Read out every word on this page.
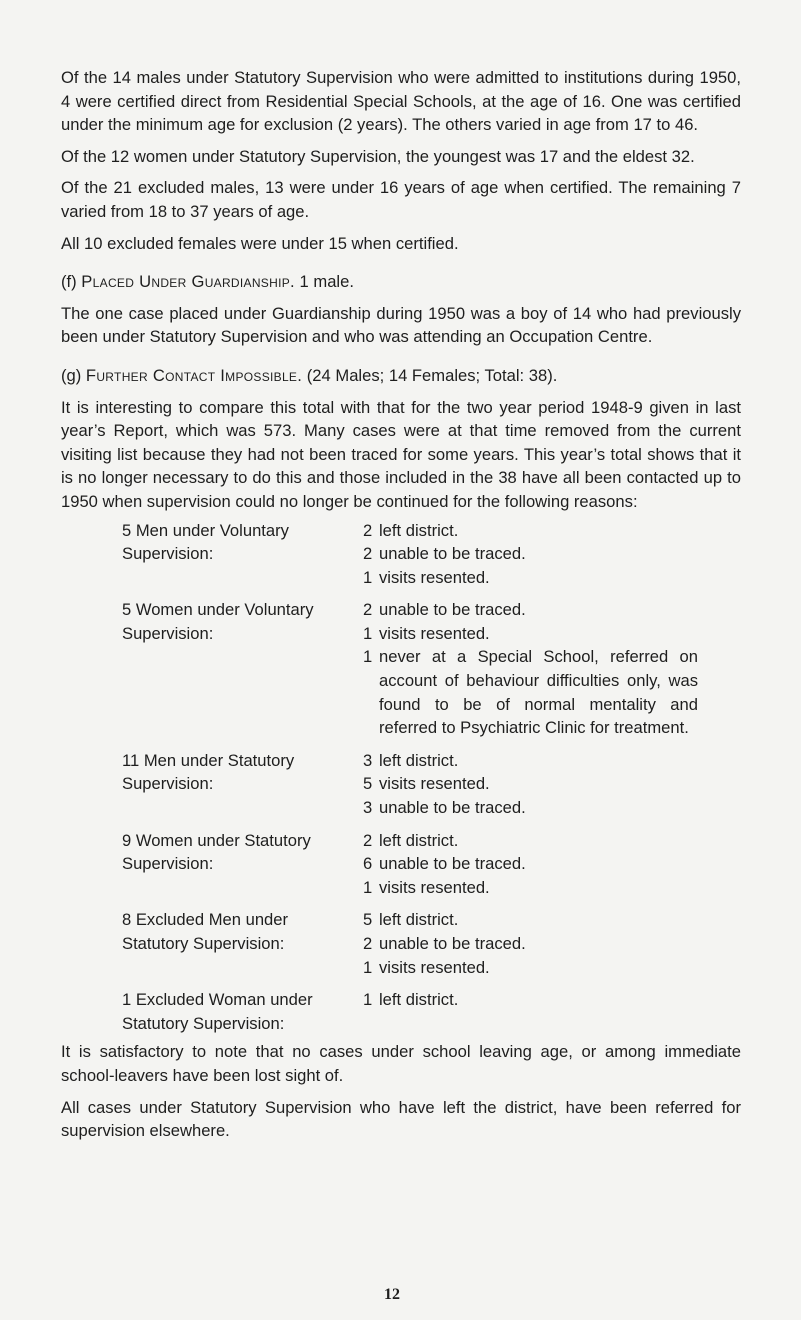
Of the 14 males under Statutory Supervision who were admitted to institutions during 1950, 4 were certified direct from Residential Special Schools, at the age of 16. One was certified under the minimum age for exclusion (2 years). The others varied in age from 17 to 46.

Of the 12 women under Statutory Supervision, the youngest was 17 and the eldest 32.

Of the 21 excluded males, 13 were under 16 years of age when certified. The remaining 7 varied from 18 to 37 years of age.

All 10 excluded females were under 15 when certified.

(f) Placed Under Guardianship. 1 male.

The one case placed under Guardianship during 1950 was a boy of 14 who had previously been under Statutory Supervision and who was attending an Occupation Centre.

(g) Further Contact Impossible. (24 Males; 14 Females; Total: 38).

It is interesting to compare this total with that for the two year period 1948-9 given in last year’s Report, which was 573. Many cases were at that time removed from the current visiting list because they had not been traced for some years. This year’s total shows that it is no longer necessary to do this and those included in the 38 have all been contacted up to 1950 when supervision could no longer be continued for the following reasons:

5 Men under Voluntary
Supervision:
2 left district.
2 unable to be traced.
1 visits resented.
5 Women under Voluntary
Supervision:
2 unable to be traced.
1 visits resented.
1 never at a Special School, referred on account of behaviour difficulties only, was found to be of normal mentality and referred to Psychiatric Clinic for treatment.
11 Men under Statutory
Supervision:
3 left district.
5 visits resented.
3 unable to be traced.
9 Women under Statutory
Supervision:
2 left district.
6 unable to be traced.
1 visits resented.
8 Excluded Men under
Statutory Supervision:
5 left district.
2 unable to be traced.
1 visits resented.
1 Excluded Woman under
Statutory Supervision:
1 left district.

It is satisfactory to note that no cases under school leaving age, or among immediate school-leavers have been lost sight of.

All cases under Statutory Supervision who have left the district, have been referred for supervision elsewhere.

12
